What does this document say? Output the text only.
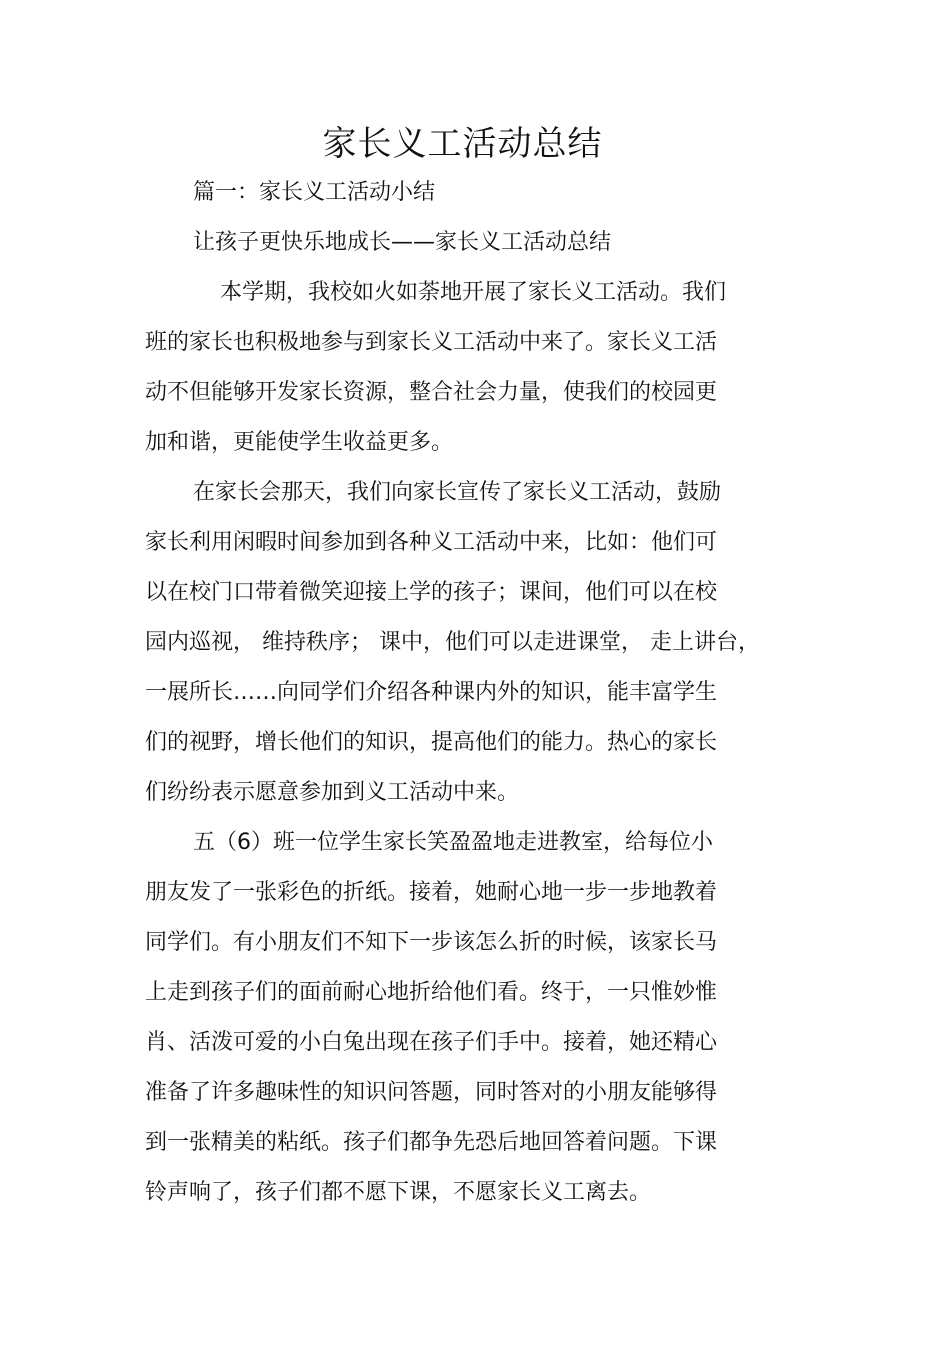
家长义工活动总结
篇一：家长义工活动小结
让孩子更快乐地成长——家长义工活动总结
本学期，我校如火如荼地开展了家长义工活动。我们
班的家长也积极地参与到家长义工活动中来了。家长义工活
动不但能够开发家长资源，整合社会力量，使我们的校园更
加和谐，更能使学生收益更多。
在家长会那天，我们向家长宣传了家长义工活动，鼓励
家长利用闲暇时间参加到各种义工活动中来，比如：他们可
以在校门口带着微笑迎接上学的孩子；课间，他们可以在校
园内巡视， 维持秩序； 课中，他们可以走进课堂， 走上讲台，
一展所长……向同学们介绍各种课内外的知识，能丰富学生
们的视野，增长他们的知识，提高他们的能力。热心的家长
们纷纷表示愿意参加到义工活动中来。
五（6）班一位学生家长笑盈盈地走进教室，给每位小
朋友发了一张彩色的折纸。接着，她耐心地一步一步地教着
同学们。有小朋友们不知下一步该怎么折的时候，该家长马
上走到孩子们的面前耐心地折给他们看。终于，一只惟妙惟
肖、活泼可爱的小白兔出现在孩子们手中。接着，她还精心
准备了许多趣味性的知识问答题，同时答对的小朋友能够得
到一张精美的粘纸。孩子们都争先恐后地回答着问题。下课
铃声响了，孩子们都不愿下课，不愿家长义工离去。
